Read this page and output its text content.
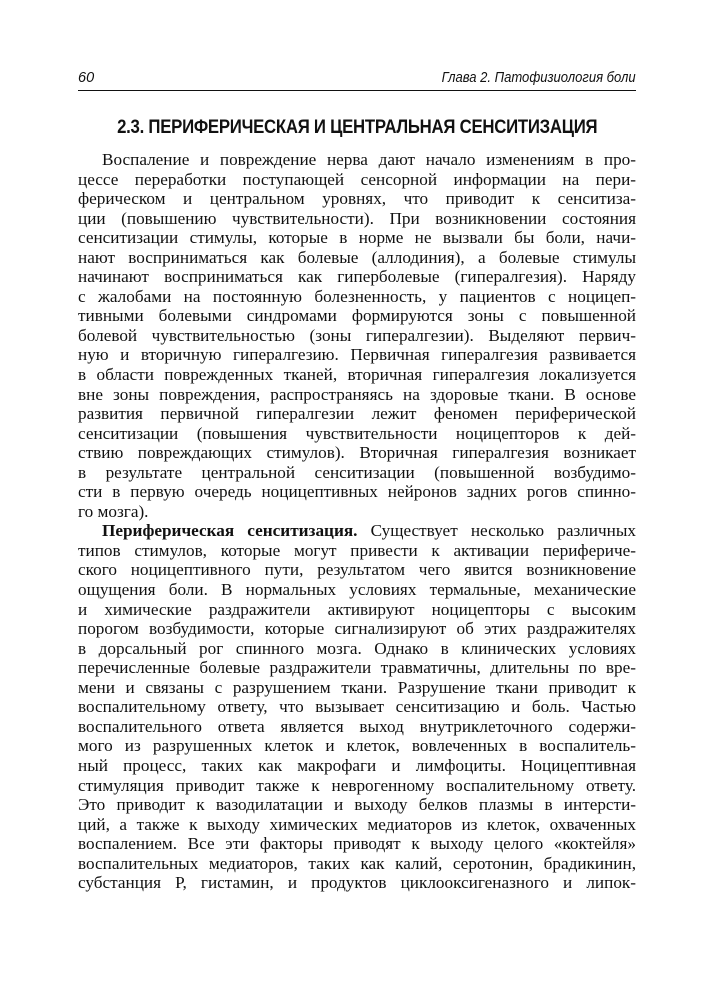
60	Глава 2. Патофизиология боли
2.3. ПЕРИФЕРИЧЕСКАЯ И ЦЕНТРАЛЬНАЯ СЕНСИТИЗАЦИЯ
Воспаление и повреждение нерва дают начало изменениям в про-
цессе переработки поступающей сенсорной информации на пери-
ферическом и центральном уровнях, что приводит к сенситиза-
ции (повышению чувствительности). При возникновении состояния
сенситизации стимулы, которые в норме не вызвали бы боли, начи-
нают восприниматься как болевые (аллодиния), а болевые стимулы
начинают восприниматься как гиперболевые (гипералгезия). Наряду
с жалобами на постоянную болезненность, у пациентов с ноцицеп-
тивными болевыми синдромами формируются зоны с повышенной
болевой чувствительностью (зоны гипералгезии). Выделяют первич-
ную и вторичную гипералгезию. Первичная гипералгезия развивается
в области поврежденных тканей, вторичная гипералгезия локализуется
вне зоны повреждения, распространяясь на здоровые ткани. В основе
развития первичной гипералгезии лежит феномен периферической
сенситизации (повышения чувствительности ноцицепторов к дей-
ствию повреждающих стимулов). Вторичная гипералгезия возникает
в результате центральной сенситизации (повышенной возбудимо-
сти в первую очередь ноцицептивных нейронов задних рогов спинно-
го мозга).
Периферическая сенситизация. Существует несколько различных
типов стимулов, которые могут привести к активации перифериче-
ского ноцицептивного пути, результатом чего явится возникновение
ощущения боли. В нормальных условиях термальные, механические
и химические раздражители активируют ноцицепторы с высоким
порогом возбудимости, которые сигнализируют об этих раздражителях
в дорсальный рог спинного мозга. Однако в клинических условиях
перечисленные болевые раздражители травматичны, длительны по вре-
мени и связаны с разрушением ткани. Разрушение ткани приводит к
воспалительному ответу, что вызывает сенситизацию и боль. Частью
воспалительного ответа является выход внутриклеточного содержи-
мого из разрушенных клеток и клеток, вовлеченных в воспалитель-
ный процесс, таких как макрофаги и лимфоциты. Ноцицептивная
стимуляция приводит также к неврогенному воспалительному ответу.
Это приводит к вазодилатации и выходу белков плазмы в интерсти-
ций, а также к выходу химических медиаторов из клеток, охваченных
воспалением. Все эти факторы приводят к выходу целого «коктейля»
воспалительных медиаторов, таких как калий, серотонин, брадикинин,
субстанция Р, гистамин, и продуктов циклооксигеназного и липок-
